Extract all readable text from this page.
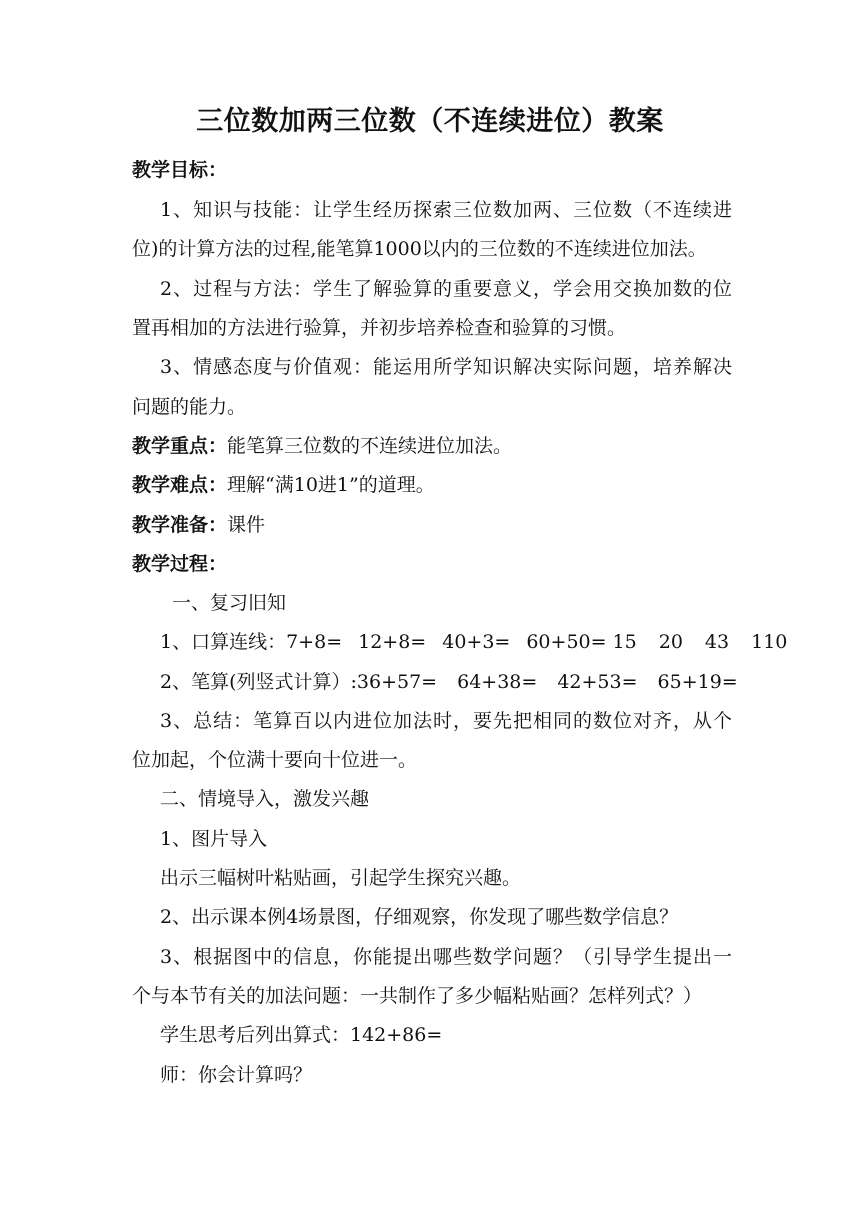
三位数加两三位数（不连续进位）教案
教学目标：
1、知识与技能：让学生经历探索三位数加两、三位数（不连续进
位)的计算方法的过程,能笔算1000以内的三位数的不连续进位加法。
2、过程与方法：学生了解验算的重要意义，学会用交换加数的位
置再相加的方法进行验算，并初步培养检查和验算的习惯。
3、情感态度与价值观：能运用所学知识解决实际问题，培养解决
问题的能力。
教学重点：能笔算三位数的不连续进位加法。
教学难点：理解“满10进1”的道理。
教学准备：课件
教学过程：
一、复习旧知
1、口算连线：7+8= 12+8= 40+3= 60+50= 15 20 43 110
2、笔算(列竖式计算）:36+57= 64+38= 42+53= 65+19=
3、总结：笔算百以内进位加法时，要先把相同的数位对齐，从个
位加起，个位满十要向十位进一。
二、情境导入，激发兴趣
1、图片导入
出示三幅树叶粘贴画，引起学生探究兴趣。
2、出示课本例4场景图，仔细观察，你发现了哪些数学信息？
3、根据图中的信息，你能提出哪些数学问题？（引导学生提出一
个与本节有关的加法问题：一共制作了多少幅粘贴画？怎样列式？）
学生思考后列出算式：142+86=
师：你会计算吗？
